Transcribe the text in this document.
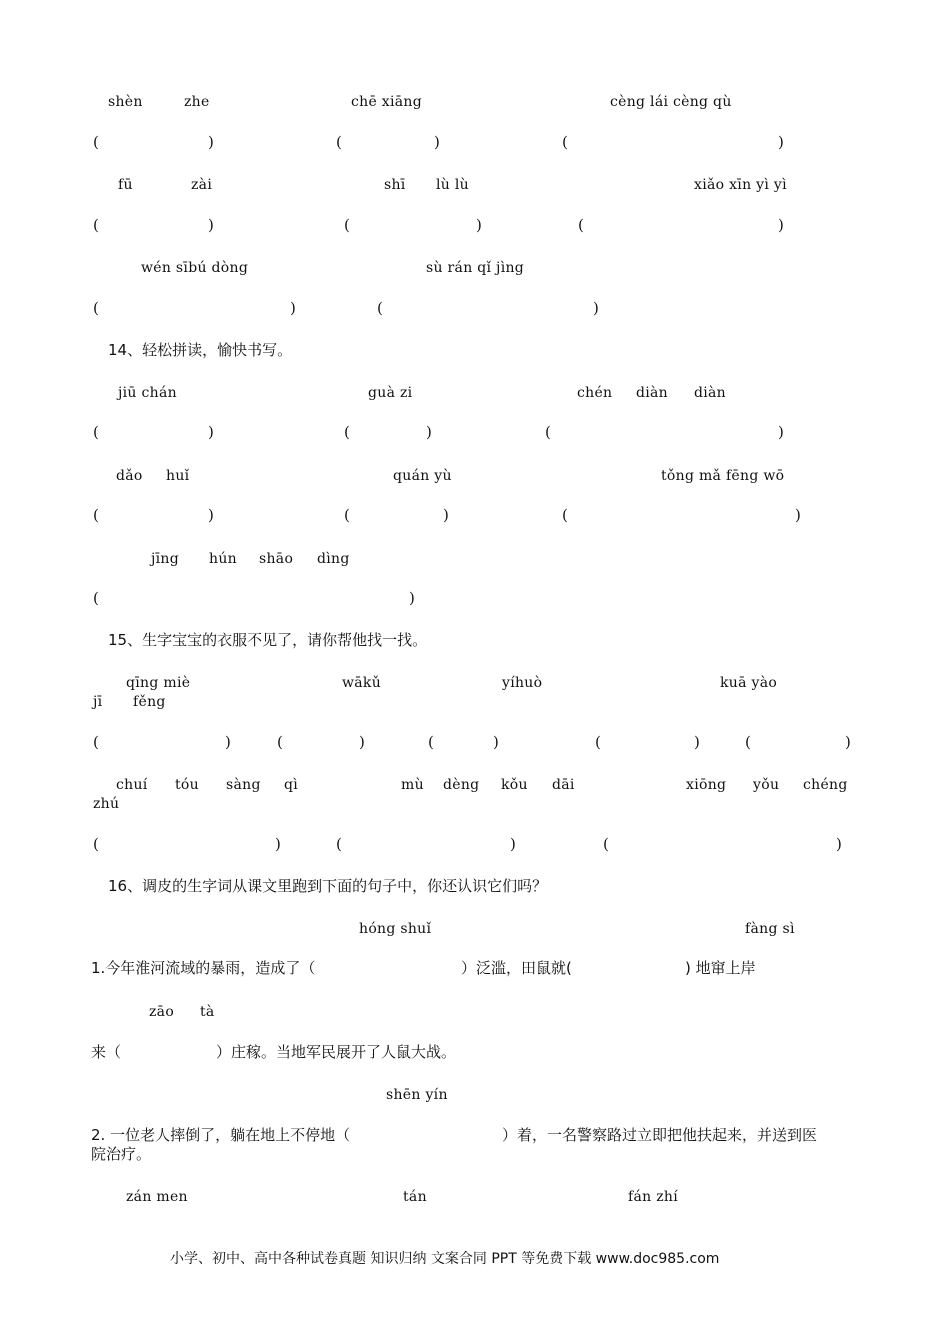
shèn	zhe	chē xiāng	cèng lái cèng qù
(	)	(	)	(	)
fū	zài	shī lù lù	xiǎo xīn yì yì
(	)	(	)	(	)
wén sībú dòng	sù rán qǐ jìng
(	)	(	)
14、轻松拼读，愉快书写。
jiū chán	guà zi	chén diàn diàn
(	)	(	)	(	)
dǎo huǐ	quán yù	tǒng mǎ fēng wō
(	)	(	)	(	)
jīng hún shāo dìng
(	)
15、生字宝宝的衣服不见了，请你帮他找一找。
qīng miè	wākǔ	yíhuò	kuā yào
jī fěng
(	)	(	)	(	)	(	)	(	)
chuí tóu sàng qì	mù dèng kǒu dāi	xiōng yǒu chéng
zhú
(	)	(	)	(	)
16、调皮的生字词从课文里跑到下面的句子中，你还认识它们吗？
hóng shuǐ	fàng sì
1.今年淮河流域的暴雨，造成了（	）泛滥，田鼠就(	) 地窜上岸
zāo tà
来（	）庄稼。当地军民展开了人鼠大战。
shēn yín
2. 一位老人摔倒了，躺在地上不停地（	）着，一名警察路过立即把他扶起来，并送到医
院治疗。
zán men	tán	fán zhí
小学、初中、高中各种试卷真题 知识归纳 文案合同 PPT 等免费下载 www.doc985.com
